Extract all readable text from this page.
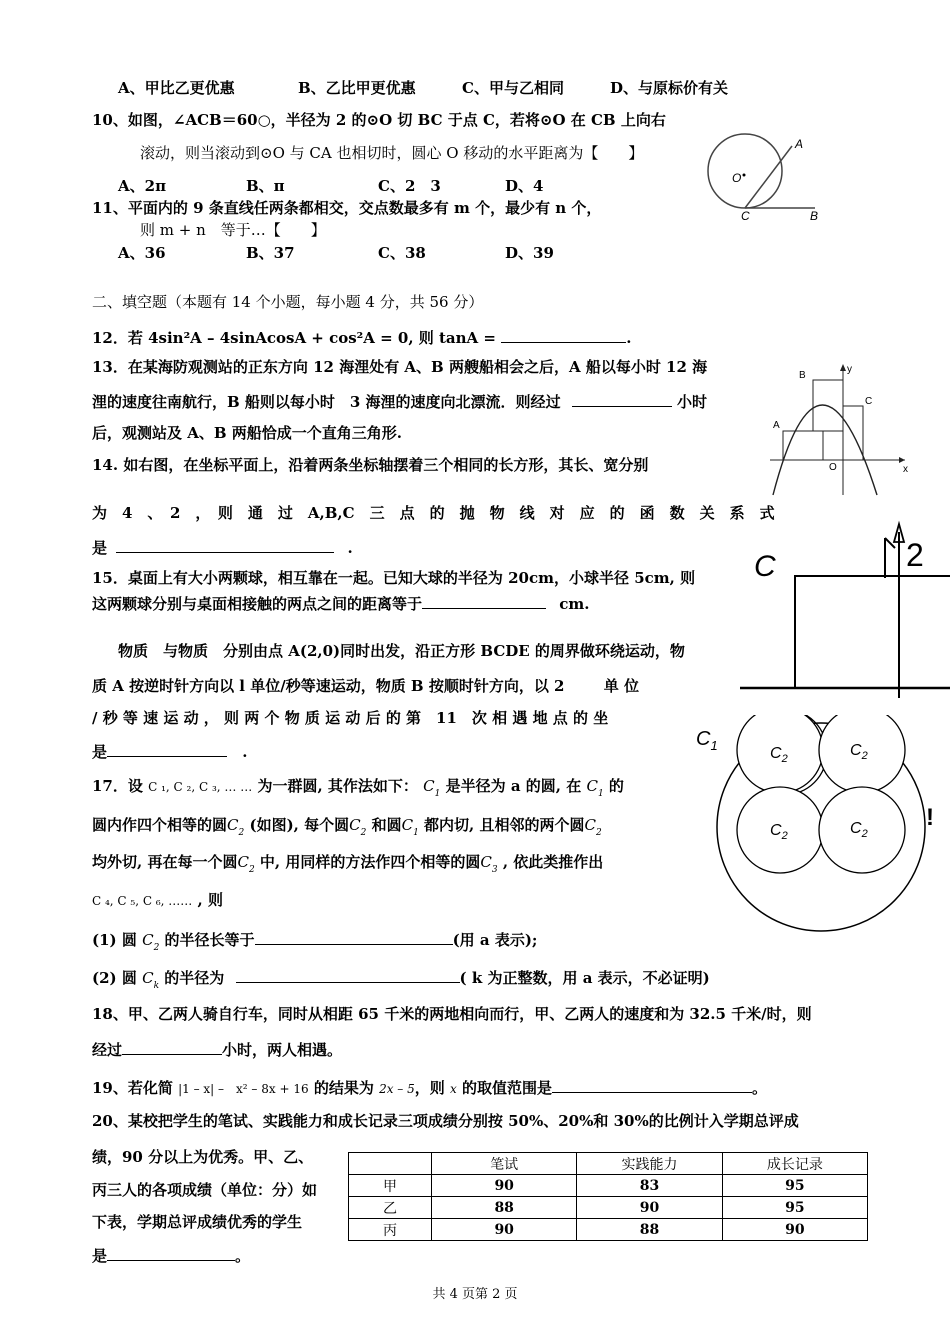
A、甲比乙更优惠	B、乙比甲更优惠	C、甲与乙相同	D、与原标价有关
10、如图，∠ACB＝60○，半径为 2 的⊙O 切 BC 于点 C，若将⊙O 在 CB 上向右
滚动，则当滚动到⊙O 与 CA 也相切时，圆心 O 移动的水平距离为【　　】
A、2π	B、π	C、2　3	D、4	O
A
B
C
11、平面内的 9 条直线任两条都相交，交点数最多有 m 个，最少有 n 个，
则 m + n　等于…【　　】
A、36	B、37	C、38	D、39
二、填空题（本题有 14 个小题，每小题 4 分，共 56 分）
12．若 4sin²A – 4sinAcosA + cos²A = 0, 则 tanA =	.
13．在某海防观测站的正东方向 12 海浬处有 A、B 两艘船相会之后，A 船以每小时 12 海
浬的速度往南航行，B 船则以每小时　3 海浬的速度向北漂流．则经过	小时
后，观测站及 A、B 两船恰成一个直角三角形.
y
x
O
A
B
C
14. 如右图，在坐标平面上，沿着两条坐标轴摆着三个相同的长方形，其长、宽分别
为　4　、　2　，　则　通　过　A,B,C　三　点　的　抛　物　线　对　应　的　函　数　关　系　式
是	.
15．桌面上有大小两颗球，相互靠在一起。已知大球的半径为 20cm，小球半径 5cm, 则
这两颗球分别与桌面相接触的两点之间的距离等于	cm.
C	2
物质　与物质　分别由点 A(2,0)同时出发，沿正方形 BCDE 的周界做环绕运动，物
质 A 按逆时针方向以 l 单位/秒等速运动，物质 B 按顺时针方向，以 2	单 位
/ 秒 等 速 运 动 ， 则 两 个 物 质 运 动 后 的 第　11　次 相 遇 地 点 的 坐
是	.
$C_1$	$C_2$	$C_2$
$C_2$	$C_2$
!
17．设 C ₁, C ₂, C ₃, … … 为一群圆, 其作法如下： $C_1$ 是半径为 a 的圆, 在 $C_1$ 的
圆内作四个相等的圆$C_2$ (如图), 每个圆$C_2$ 和圆$C_1$ 都内切, 且相邻的两个圆$C_2$
均外切, 再在每一个圆$C_2$ 中, 用同样的方法作四个相等的圆$C_3$ , 依此类推作出
C ₄, C ₅, C ₆, …… , 则
(1) 圆 $C_2$ 的半径长等于	(用 a 表示);
(2) 圆 $C_k$ 的半径为	( k 为正整数，用 a 表示，不必证明)
18、甲、乙两人骑自行车，同时从相距 65 千米的两地相向而行，甲、乙两人的速度和为 32.5 千米/时，则
经过	小时，两人相遇。
19、若化简 |1 – x| –　x² – 8x + 16 的结果为 2x – 5，则 x 的取值范围是	。
20、某校把学生的笔试、实践能力和成长记录三项成绩分别按 50%、20%和 30%的比例计入学期总评成
绩，90 分以上为优秀。甲、乙、
丙三人的各项成绩（单位：分）如
下表，学期总评成绩优秀的学生
是	。
	笔试	实践能力	成长记录
甲	90	83	95
乙	88	90	95
丙	90	88	90
共 4 页第 2 页
